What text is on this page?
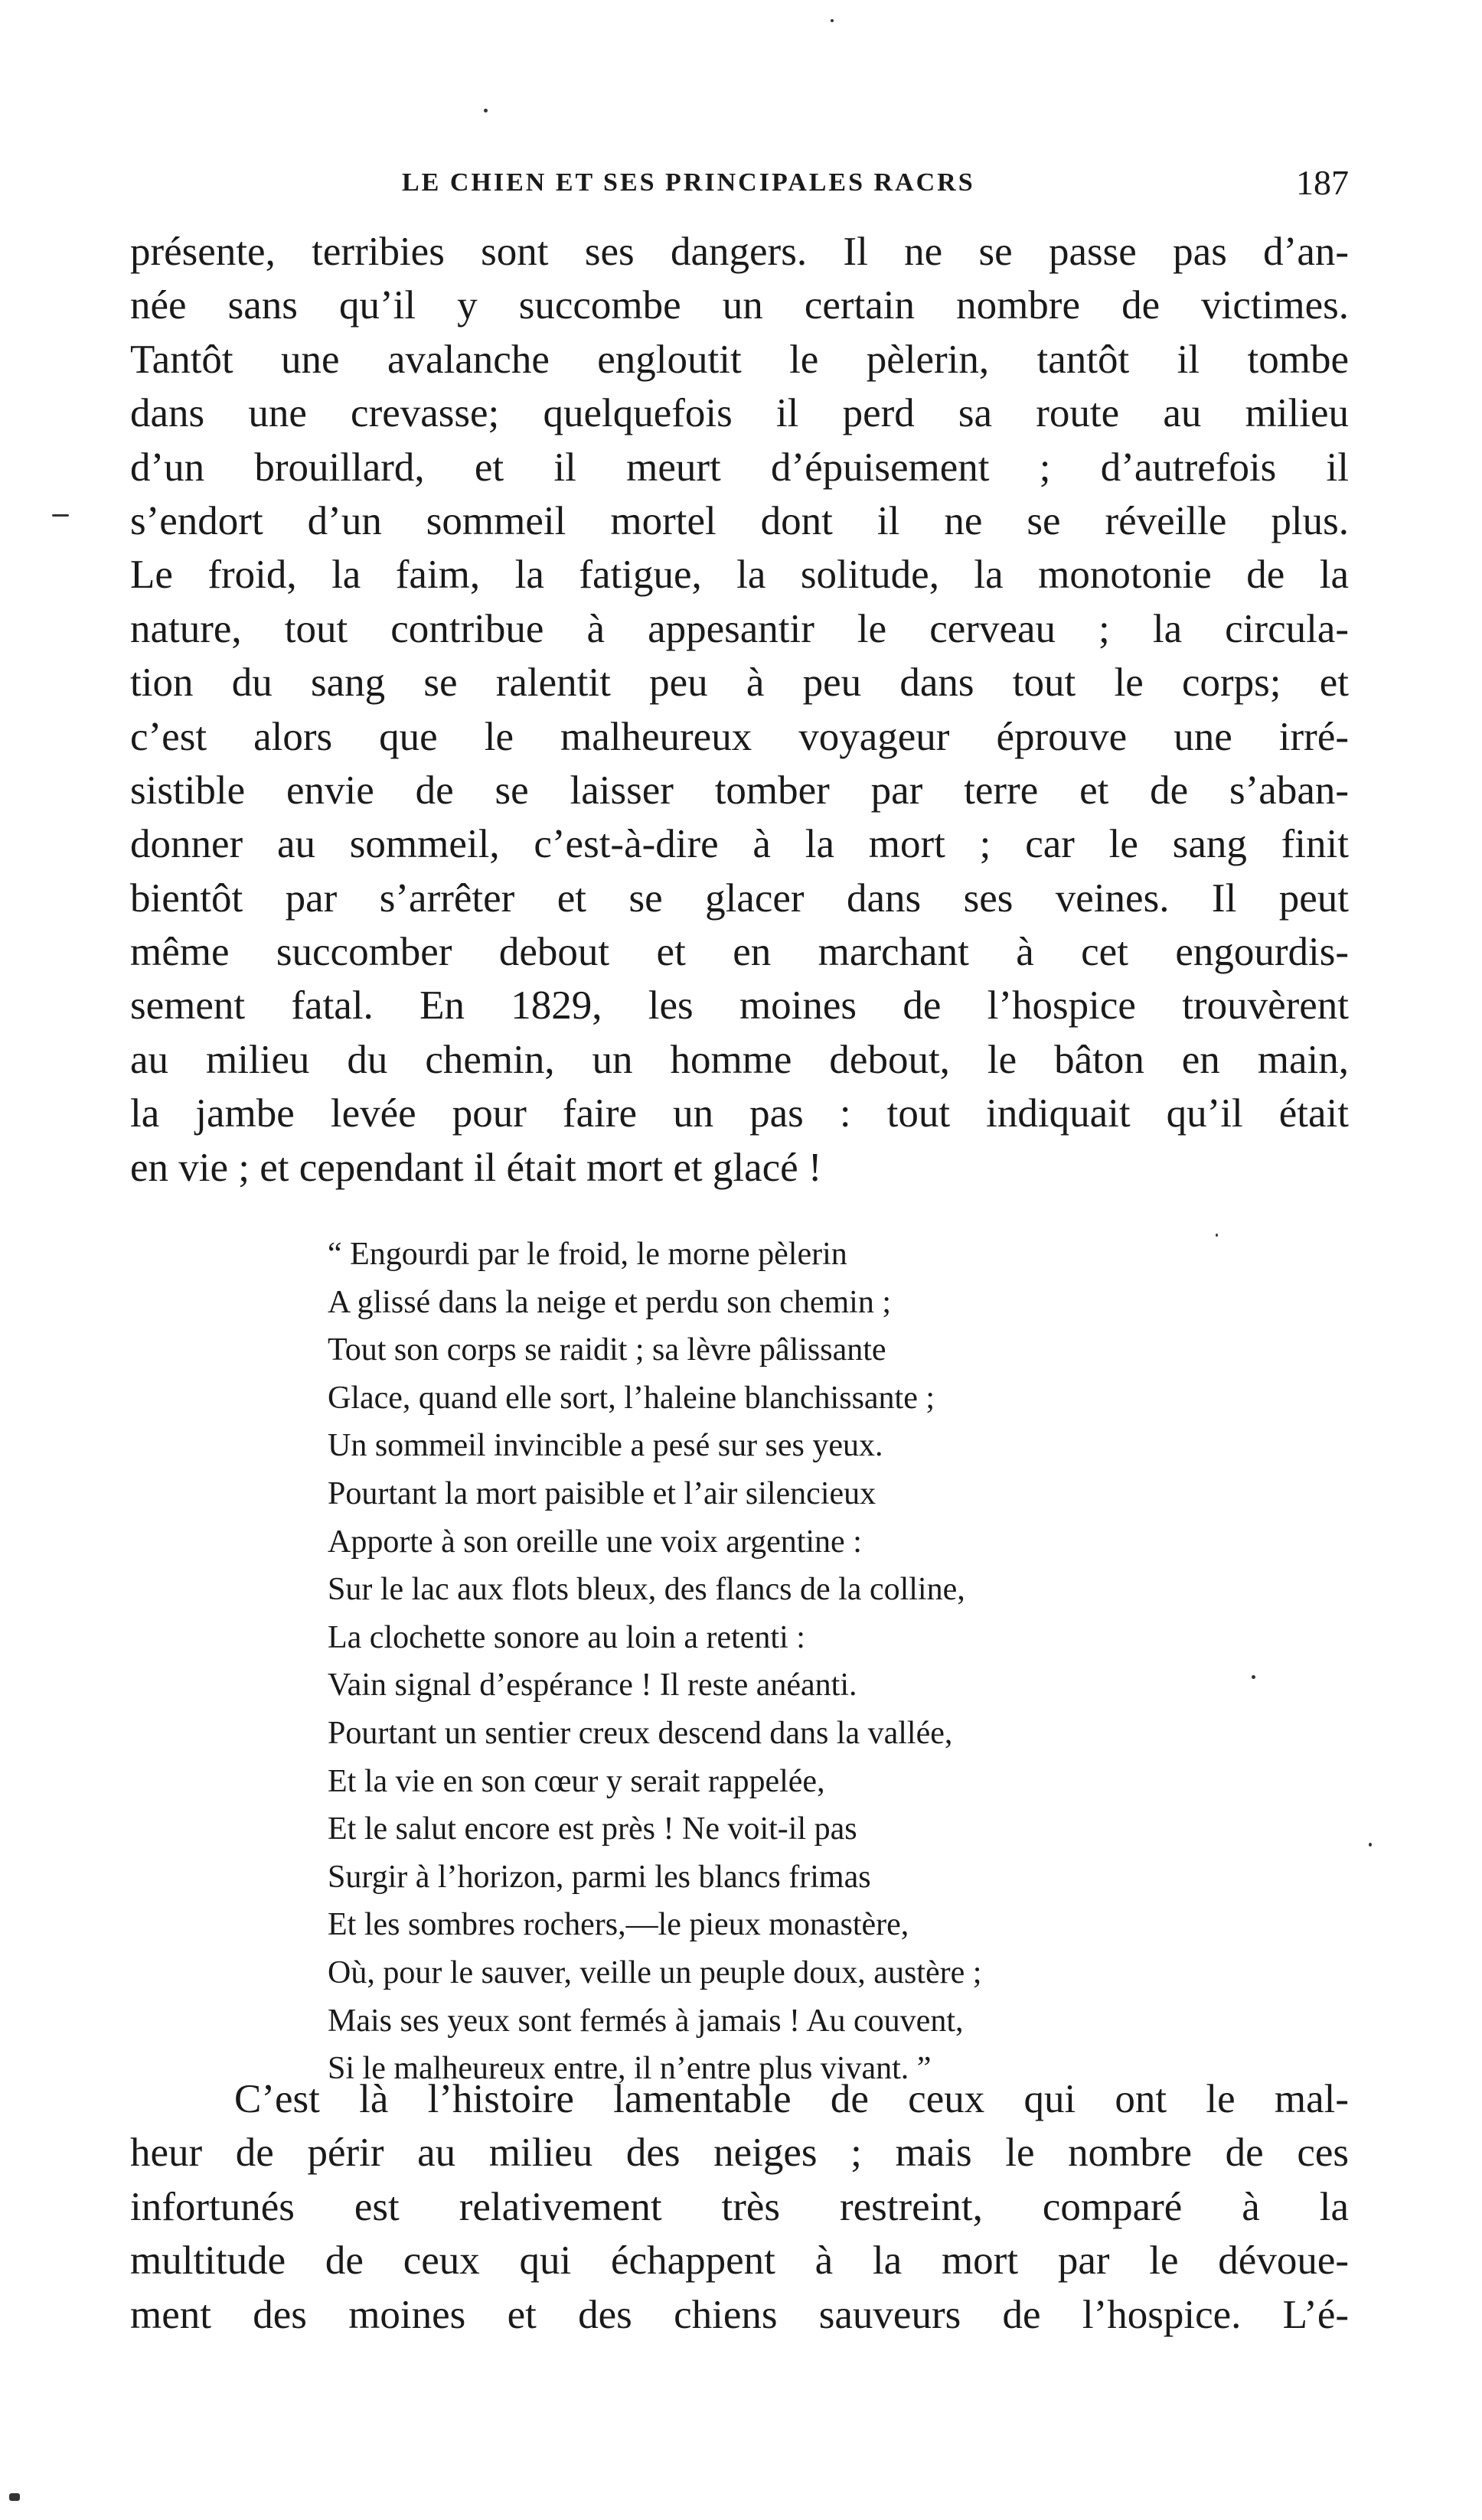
LE CHIEN ET SES PRINCIPALES RACRS	187
présente, terribies sont ses dangers. Il ne se passe pas d’an-
née sans qu’il y succombe un certain nombre de victimes.
Tantôt une avalanche engloutit le pèlerin, tantôt il tombe
dans une crevasse; quelquefois il perd sa route au milieu
d’un brouillard, et il meurt d’épuisement ; d’autrefois il
s’endort d’un sommeil mortel dont il ne se réveille plus.
Le froid, la faim, la fatigue, la solitude, la monotonie de la
nature, tout contribue à appesantir le cerveau ; la circula-
tion du sang se ralentit peu à peu dans tout le corps; et
c’est alors que le malheureux voyageur éprouve une irré-
sistible envie de se laisser tomber par terre et de s’aban-
donner au sommeil, c’est-à-dire à la mort ; car le sang finit
bientôt par s’arrêter et se glacer dans ses veines. Il peut
même succomber debout et en marchant à cet engourdis-
sement fatal. En 1829, les moines de l’hospice trouvèrent
au milieu du chemin, un homme debout, le bâton en main,
la jambe levée pour faire un pas : tout indiquait qu’il était
en vie ; et cependant il était mort et glacé !
“ Engourdi par le froid, le morne pèlerin
A glissé dans la neige et perdu son chemin ;
Tout son corps se raidit ; sa lèvre pâlissante
Glace, quand elle sort, l’haleine blanchissante ;
Un sommeil invincible a pesé sur ses yeux.
Pourtant la mort paisible et l’air silencieux
Apporte à son oreille une voix argentine :
Sur le lac aux flots bleux, des flancs de la colline,
La clochette sonore au loin a retenti :
Vain signal d’espérance ! Il reste anéanti.
Pourtant un sentier creux descend dans la vallée,
Et la vie en son cœur y serait rappelée,
Et le salut encore est près ! Ne voit-il pas
Surgir à l’horizon, parmi les blancs frimas
Et les sombres rochers,—le pieux monastère,
Où, pour le sauver, veille un peuple doux, austère ;
Mais ses yeux sont fermés à jamais ! Au couvent,
Si le malheureux entre, il n’entre plus vivant. ”
C’est là l’histoire lamentable de ceux qui ont le mal-
heur de périr au milieu des neiges ; mais le nombre de ces
infortunés est relativement très restreint, comparé à la
multitude de ceux qui échappent à la mort par le dévoue-
ment des moines et des chiens sauveurs de l’hospice. L’é-
